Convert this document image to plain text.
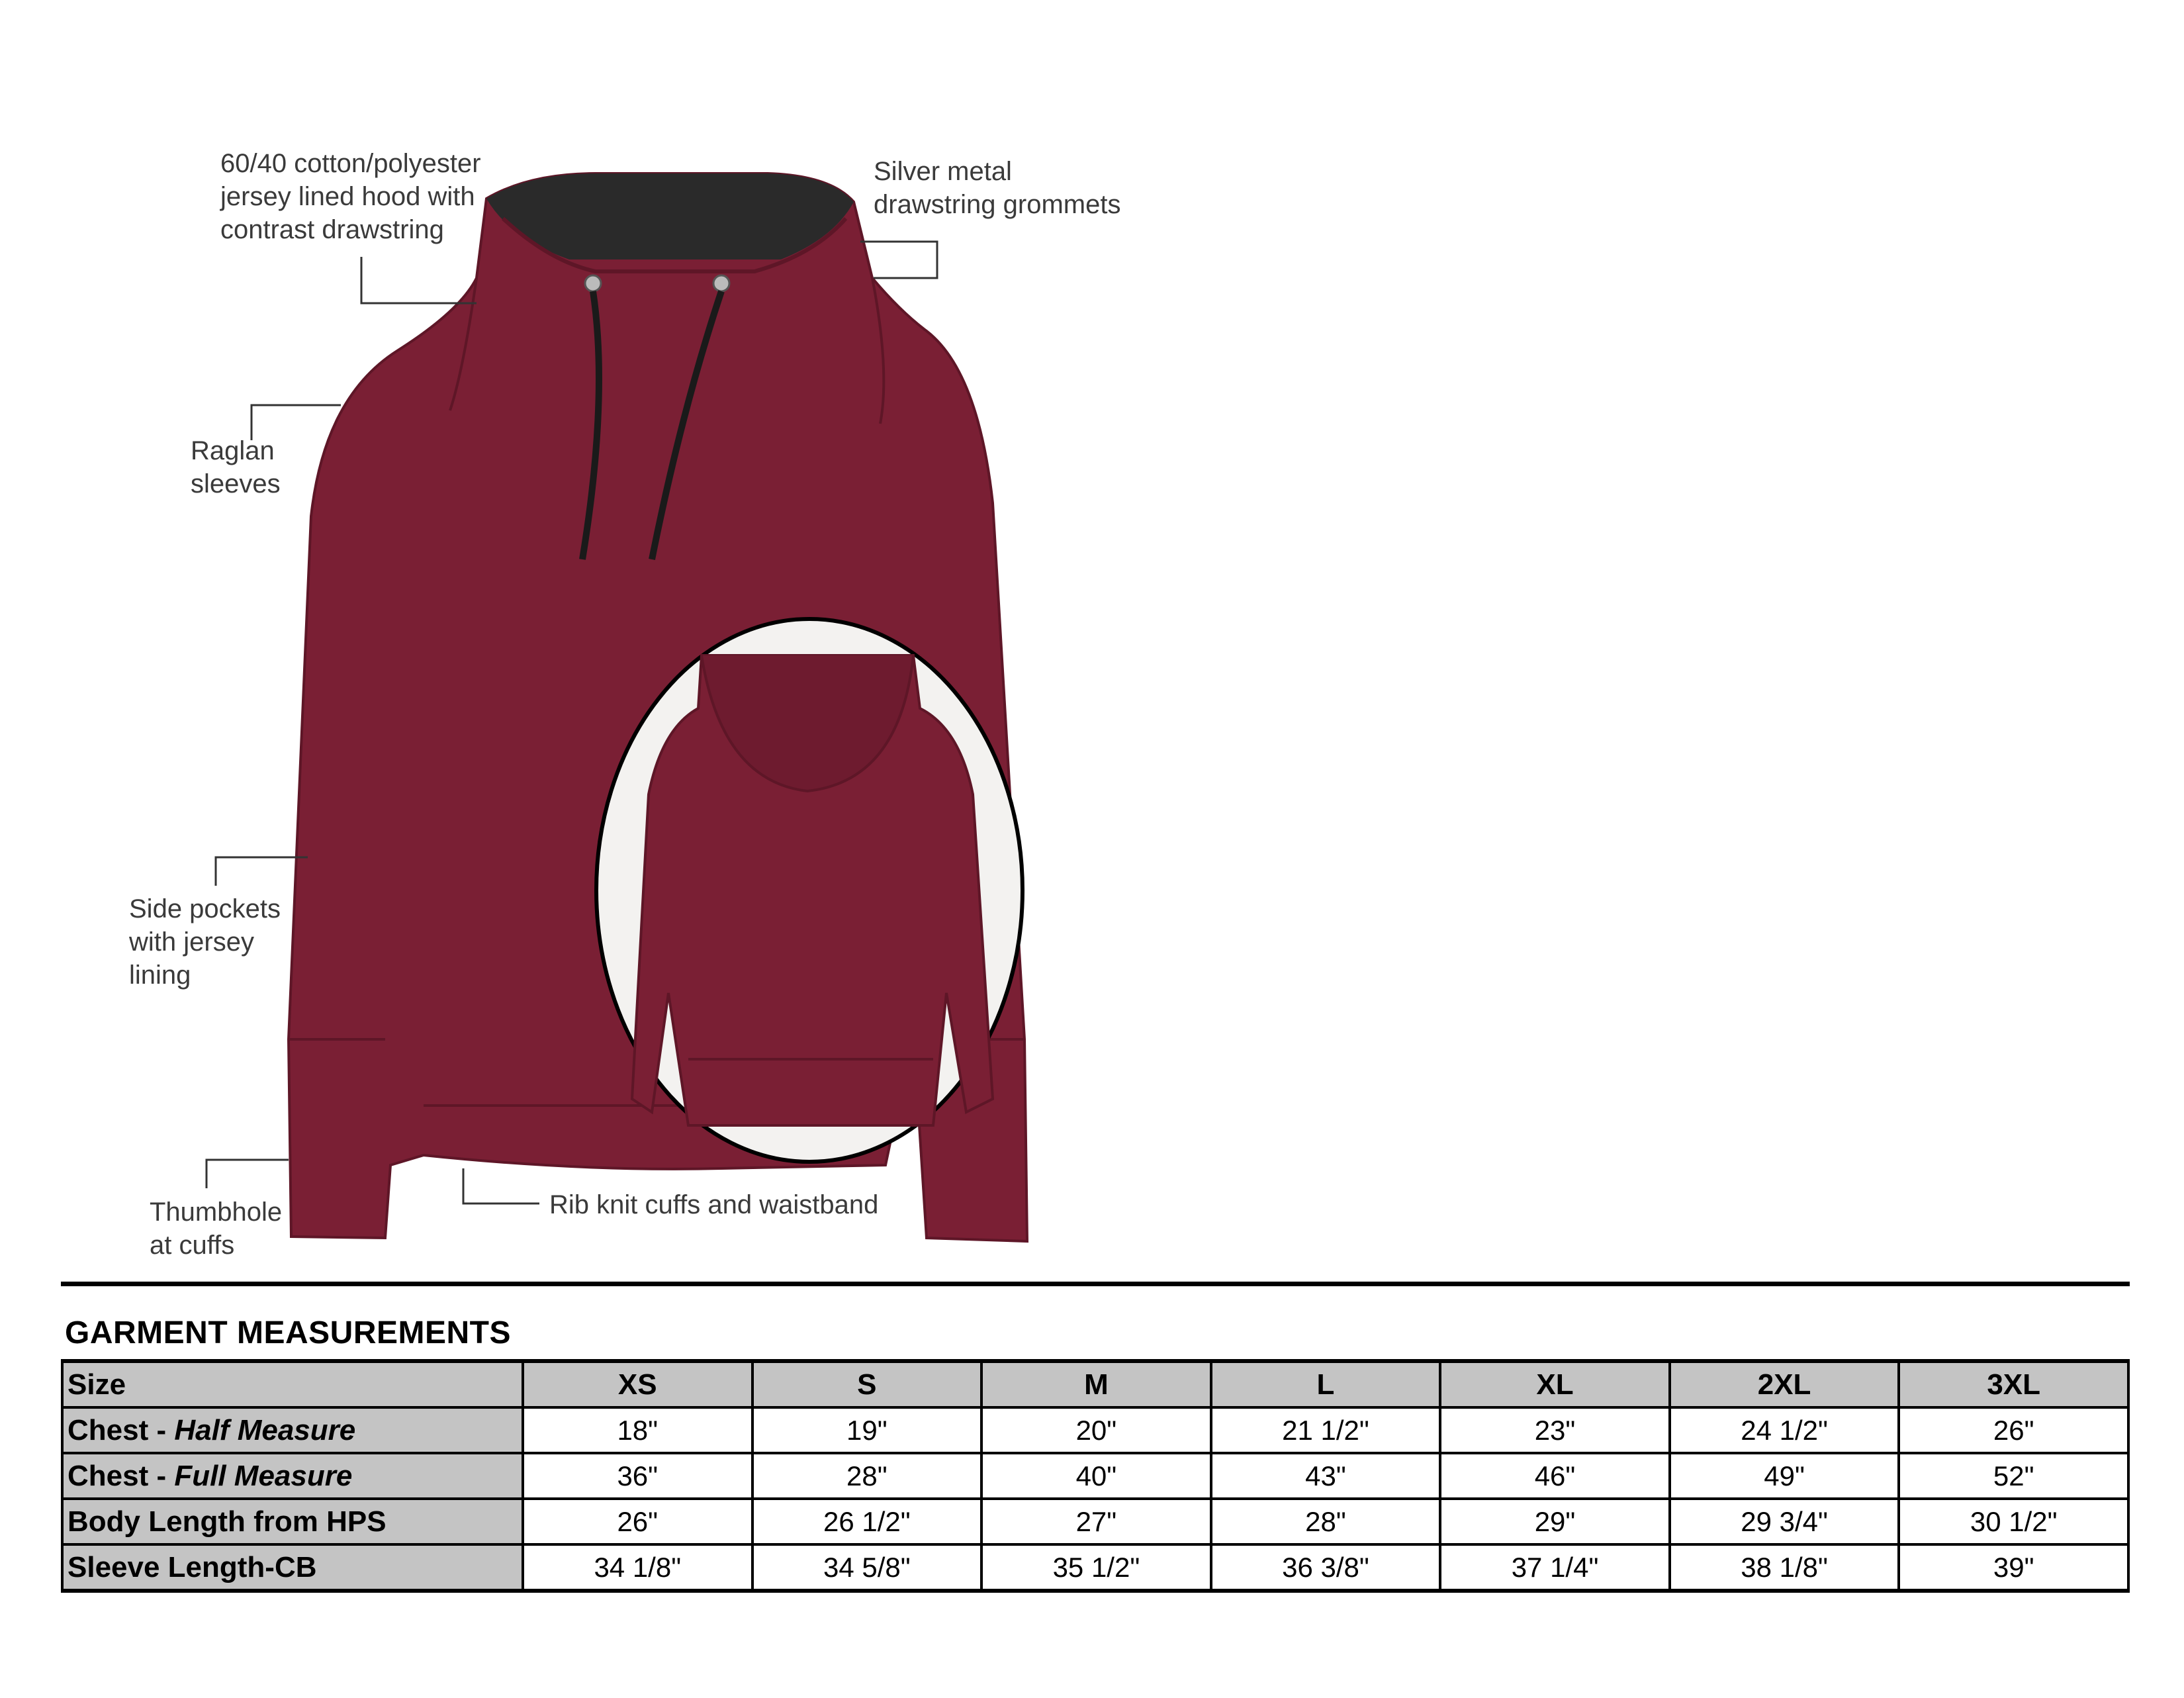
60/40 cotton/polyester
jersey lined hood with
contrast drawstring
Silver metal
drawstring grommets
Raglan
sleeves
Side pockets
with jersey
lining
Thumbhole
at cuffs
Rib knit cuffs and waistband
GARMENT MEASUREMENTS
Size	XS	S	M	L	XL	2XL	3XL
Chest - Half Measure	18"	19"	20"	21 1/2"	23"	24 1/2"	26"
Chest - Full Measure	36"	28"	40"	43"	46"	49"	52"
Body Length from HPS	26"	26 1/2"	27"	28"	29"	29 3/4"	30 1/2"
Sleeve Length-CB	34 1/8"	34 5/8"	35 1/2"	36 3/8"	37 1/4"	38 1/8"	39"
